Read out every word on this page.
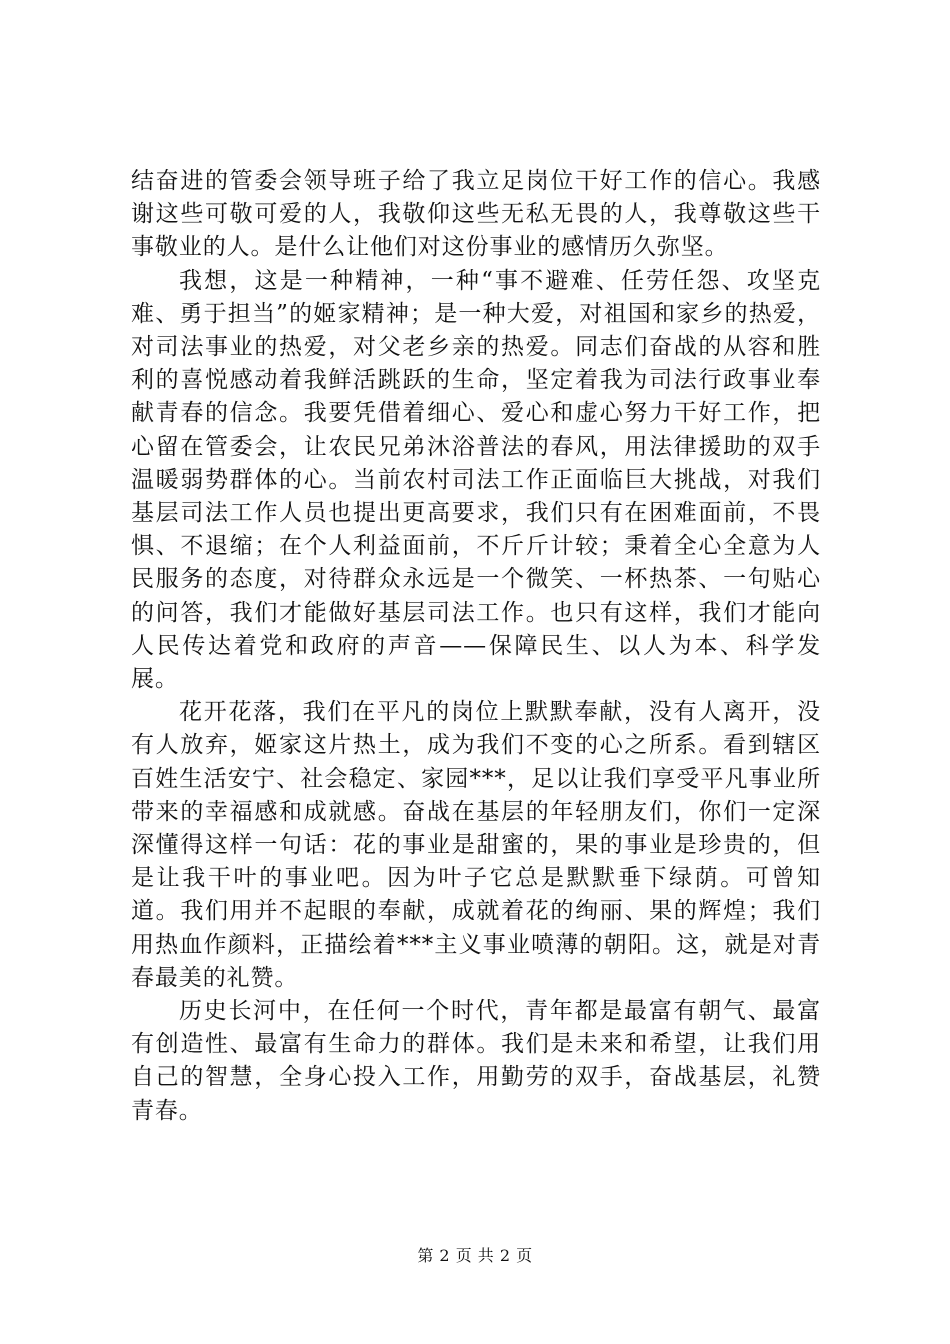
结奋进的管委会领导班子给了我立足岗位干好工作的信心。我感谢这些可敬可爱的人，我敬仰这些无私无畏的人，我尊敬这些干事敬业的人。是什么让他们对这份事业的感情历久弥坚。

我想，这是一种精神，一种“事不避难、任劳任怨、攻坚克难、勇于担当”的姬家精神；是一种大爱，对祖国和家乡的热爱，对司法事业的热爱，对父老乡亲的热爱。同志们奋战的从容和胜利的喜悦感动着我鲜活跳跃的生命，坚定着我为司法行政事业奉献青春的信念。我要凭借着细心、爱心和虚心努力干好工作，把心留在管委会，让农民兄弟沐浴普法的春风，用法律援助的双手温暖弱势群体的心。当前农村司法工作正面临巨大挑战，对我们基层司法工作人员也提出更高要求，我们只有在困难面前，不畏惧、不退缩；在个人利益面前，不斤斤计较；秉着全心全意为人民服务的态度，对待群众永远是一个微笑、一杯热茶、一句贴心的问答，我们才能做好基层司法工作。也只有这样，我们才能向人民传达着党和政府的声音——保障民生、以人为本、科学发展。

花开花落，我们在平凡的岗位上默默奉献，没有人离开，没有人放弃，姬家这片热土，成为我们不变的心之所系。看到辖区百姓生活安宁、社会稳定、家园***，足以让我们享受平凡事业所带来的幸福感和成就感。奋战在基层的年轻朋友们，你们一定深深懂得这样一句话：花的事业是甜蜜的，果的事业是珍贵的，但是让我干叶的事业吧。因为叶子它总是默默垂下绿荫。可曾知道。我们用并不起眼的奉献，成就着花的绚丽、果的辉煌；我们用热血作颜料，正描绘着***主义事业喷薄的朝阳。这，就是对青春最美的礼赞。

历史长河中，在任何一个时代，青年都是最富有朝气、最富有创造性、最富有生命力的群体。我们是未来和希望，让我们用自己的智慧，全身心投入工作，用勤劳的双手，奋战基层，礼赞青春。

第 2 页 共 2 页
